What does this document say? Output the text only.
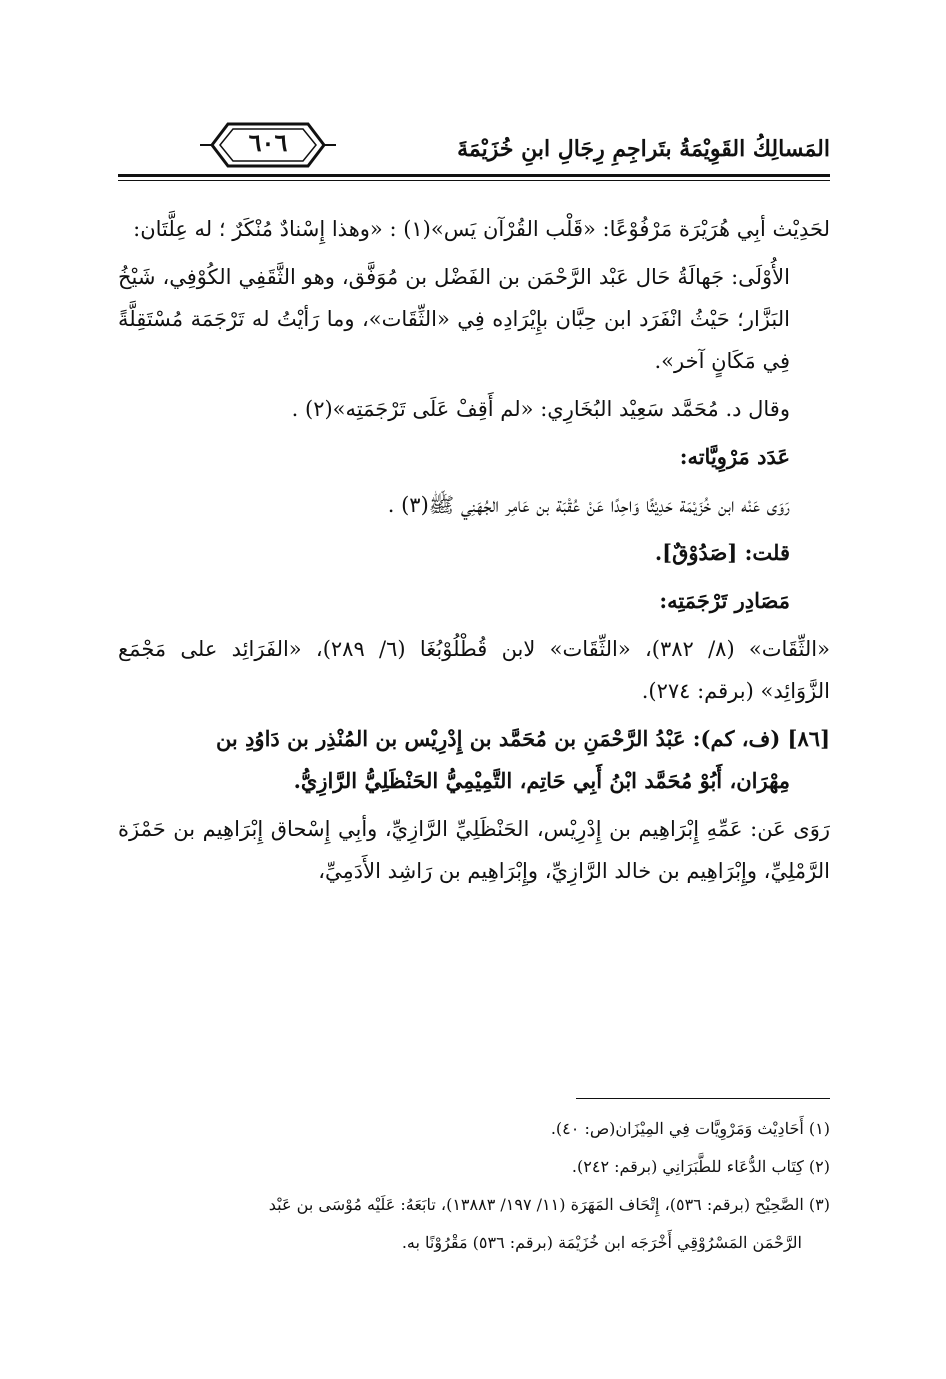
المَسالِكُ القَوِيْمَةُ بتَراجِمِ رِجَالِ ابنِ خُزَيْمَةَ
٦٠٦

لحَدِيْث أبِي هُرَيْرَة مَرْفُوْعًا: «قَلْب القُرْآن يَس»(١) : «وهذا إِسْنادٌ مُنْكَرٌ ؛ له عِلَّتَان:

الأُوْلَى: جَهالَةُ حَال عَبْد الرَّحْمَن بن الفَضْل بن مُوَفَّق، وهو الثَّقَفِي الكُوْفِي، شَيْخُ البَزَّار؛ حَيْثُ انْفَرَد ابن حِبَّان بإِيْرَادِه فِي «الثِّقَات»، وما رَأيْتُ له تَرْجَمَة مُسْتَقِلَّةً فِي مَكَانٍ آخر».

وقال د. مُحَمَّد سَعِيْد البُخَارِي: «لم أَقِفْ عَلَى تَرْجَمَتِه»(٢) .

عَدَد مَرْوِيَّاته:

رَوَى عَنْه ابن خُزَيْمَة حَدِيْثًا وَاحِدًا عَنْ عُقْبَة بن عَامِر الجُهَنِي ﷺ(٣) .

قلت: [صَدُوْقٌ].

مَصَادِر تَرْجَمَتِه:

«الثِّقَات» (٨/ ٣٨٢)، «الثِّقَات» لابن قُطْلُوْبُغَا (٦/ ٢٨٩)، «الفَرَائِد على مَجْمَع الزَّوَائِد» (برقم: ٢٧٤).

[٨٦] (ف، كم): عَبْدُ الرَّحْمَنِ بن مُحَمَّد بن إِدْرِيْس بن المُنْذِر بن دَاوُدِ بن

مِهْرَان، أَبُوْ مُحَمَّد ابْنُ أَبِي حَاتِم، التَّمِيْمِيُّ الحَنْظَلِيُّ الرَّازِيُّ.

رَوَى عَن: عَمِّهِ إِبْرَاهِيم بن إِدْرِيْس، الحَنْظَلِيِّ الرَّازِيِّ، وأبِي إِسْحاق إِبْرَاهِيم بن حَمْزَة الرَّمْلِيِّ، وإِبْرَاهِيم بن خالد الرَّازِيِّ، وإِبْرَاهِيم بن رَاشِد الأَدَمِيِّ،

(١) أَحَادِيْث وَمَرْوِيَّات فِي المِيْزَان(ص: ٤٠).

(٢) كِتَاب الدُّعَاء للطَّبَرَانِي (برقم: ٢٤٢).

(٣) الصَّحِيْح (برقم: ٥٣٦)، إِتْحَاف المَهَرَة (١١/ ١٩٧/ ١٣٨٨٣)، تابَعَهُ: عَلَيْه مُوْسَى بن عَبْد

الرَّحْمَن المَسْرُوْقِي أَخْرَجَه ابن خُزَيْمَة (برقم: ٥٣٦) مَقْرُوْنًا به.
